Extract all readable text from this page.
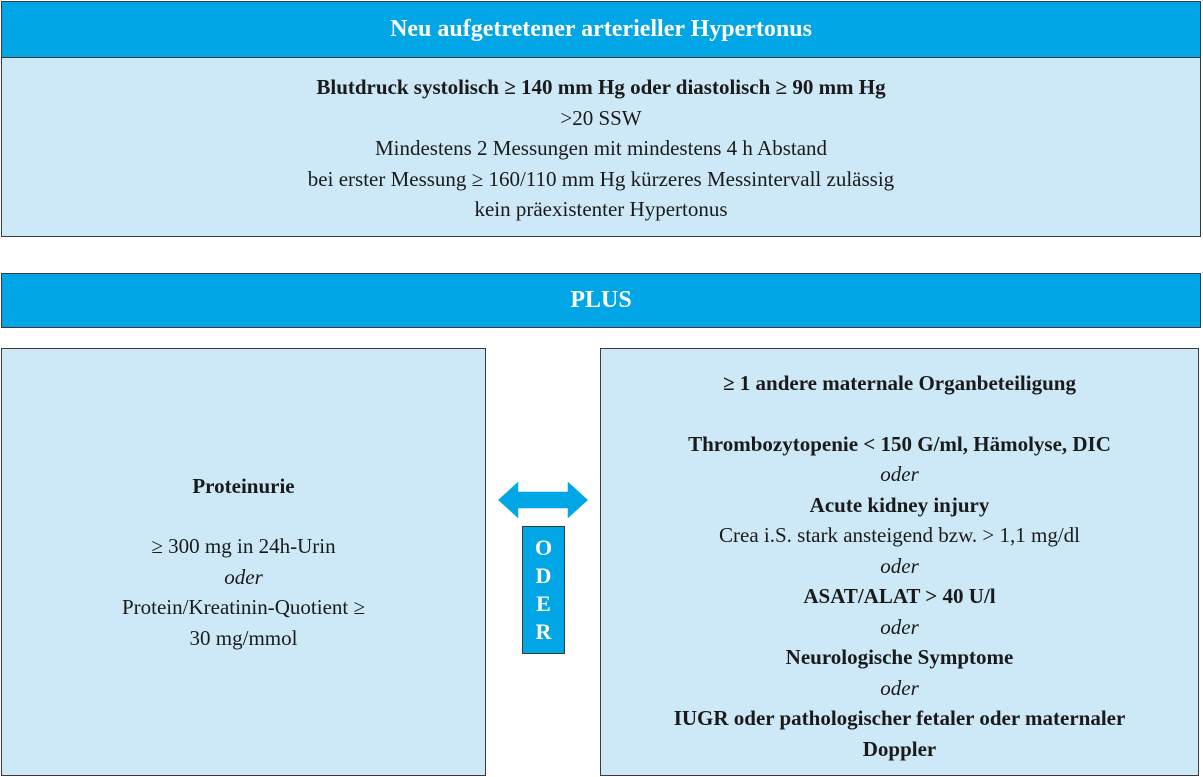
Neu aufgetretener arterieller Hypertonus
Blutdruck systolisch ≥ 140 mm Hg oder diastolisch ≥ 90 mm Hg
>20 SSW
Mindestens 2 Messungen mit mindestens 4 h Abstand
bei erster Messung ≥ 160/110 mm Hg kürzeres Messintervall zulässig
kein präexistenter Hypertonus
PLUS
Proteinurie
≥ 300 mg in 24h-Urin
oder
Protein/Kreatinin-Quotient ≥
30 mg/mmol
O
D
E
R
≥ 1 andere maternale Organbeteiligung
Thrombozytopenie < 150 G/ml, Hämolyse, DIC
oder
Acute kidney injury
Crea i.S. stark ansteigend bzw. > 1,1 mg/dl
oder
ASAT/ALAT > 40 U/l
oder
Neurologische Symptome
oder
IUGR oder pathologischer fetaler oder maternaler
Doppler
